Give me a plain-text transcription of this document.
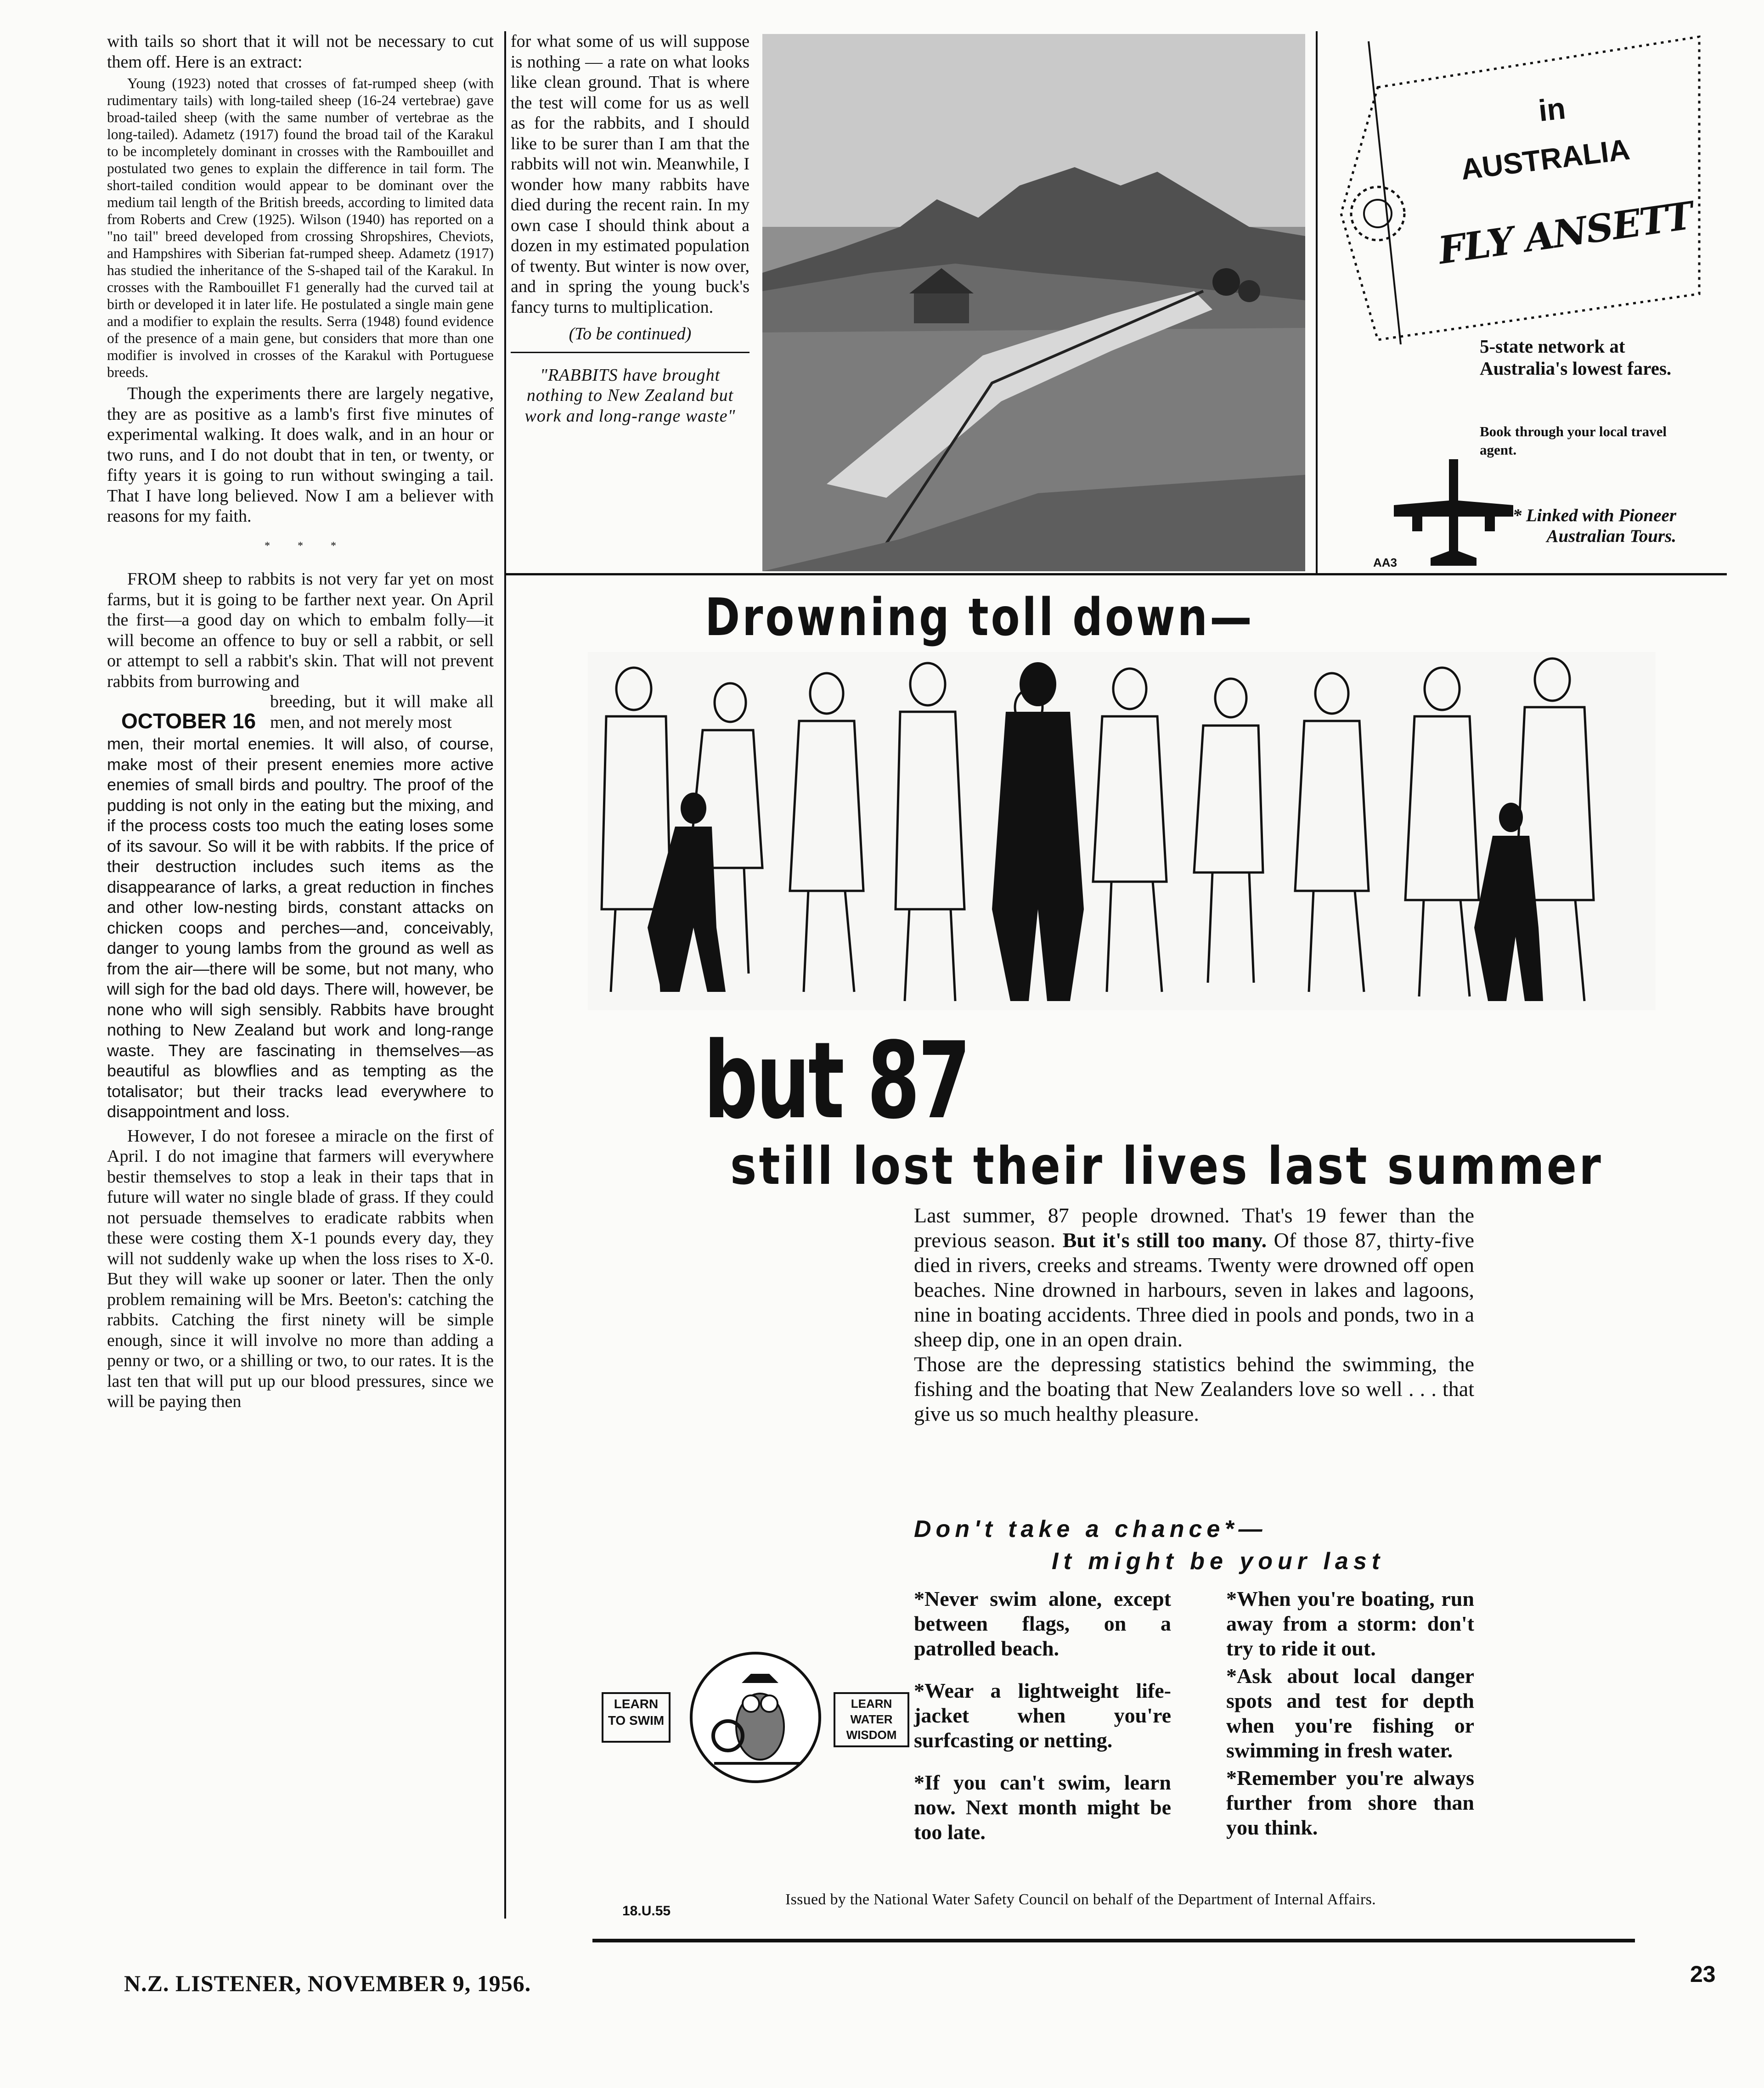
with tails so short that it will not be necessary to cut them off. Here is an extract:

Young (1923) noted that crosses of fat-rumped sheep (with rudimentary tails) with long-tailed sheep (16-24 vertebrae) gave broad-tailed sheep (with the same number of vertebrae as the long-tailed). Adametz (1917) found the broad tail of the Karakul to be incompletely dominant in crosses with the Rambouillet and postulated two genes to explain the difference in tail form. The short-tailed condition would appear to be dominant over the medium tail length of the British breeds, according to limited data from Roberts and Crew (1925). Wilson (1940) has reported on a "no tail" breed developed from crossing Shropshires, Cheviots, and Hampshires with Siberian fat-rumped sheep. Adametz (1917) has studied the inheritance of the S-shaped tail of the Karakul. In crosses with the Rambouillet F1 generally had the curved tail at birth or developed it in later life. He postulated a single main gene and a modifier to explain the results. Serra (1948) found evidence of the presence of a main gene, but considers that more than one modifier is involved in crosses of the Karakul with Portuguese breeds.

Though the experiments there are largely negative, they are as positive as a lamb's first five minutes of experimental walking. It does walk, and in an hour or two runs, and I do not doubt that in ten, or twenty, or fifty years it is going to run without swinging a tail. That I have long believed. Now I am a believer with reasons for my faith.

*          *          *

FROM sheep to rabbits is not very far yet on most farms, but it is going to be farther next year. On April the first—a good day on which to embalm folly—it will become an offence to buy or sell a rabbit, or sell or attempt to sell a rabbit's skin. That will not prevent rabbits from burrowing and

OCTOBER 16

breeding, but it will make all men, and not merely most

men, their mortal enemies. It will also, of course, make most of their present enemies more active enemies of small birds and poultry. The proof of the pudding is not only in the eating but the mixing, and if the process costs too much the eating loses some of its savour. So will it be with rabbits. If the price of their destruction includes such items as the disappearance of larks, a great reduction in finches and other low-nesting birds, constant attacks on chicken coops and perches—and, conceivably, danger to young lambs from the ground as well as from the air—there will be some, but not many, who will sigh for the bad old days. There will, however, be none who will sigh sensibly. Rabbits have brought nothing to New Zealand but work and long-range waste. They are fascinating in themselves—as beautiful as blowflies and as tempting as the totalisator; but their tracks lead everywhere to disappointment and loss.

However, I do not foresee a miracle on the first of April. I do not imagine that farmers will everywhere bestir themselves to stop a leak in their taps that in future will water no single blade of grass. If they could not persuade themselves to eradicate rabbits when these were costing them X-1 pounds every day, they will not suddenly wake up when the loss rises to X-0. But they will wake up sooner or later. Then the only problem remaining will be Mrs. Beeton's: catching the rabbits. Catching the first ninety will be simple enough, since it will involve no more than adding a penny or two, or a shilling or two, to our rates. It is the last ten that will put up our blood pressures, since we will be paying then

for what some of us will suppose is nothing — a rate on what looks like clean ground. That is where the test will come for us as well as for the rabbits, and I should like to be surer than I am that the rabbits will not win. Meanwhile, I wonder how many rabbits have died during the recent rain. In my own case I should think about a dozen in my estimated population of twenty. But winter is now over, and in spring the young buck's fancy turns to multiplication.

(To be continued)

"RABBITS have brought nothing to New Zealand but work and long-range waste"

in
AUSTRALIA
FLY ANSETT
5-state network at Australia's lowest fares.
Book through your local travel agent.
* Linked with Pioneer Australian Tours.
AA3
Drowning toll down—
but 87
still lost their lives last summer
Last summer, 87 people drowned. That's 19 fewer than the previous season. But it's still too many. Of those 87, thirty-five died in rivers, creeks and streams. Twenty were drowned off open beaches. Nine drowned in harbours, seven in lakes and lagoons, nine in boating accidents. Three died in pools and ponds, two in a sheep dip, one in an open drain.
Those are the depressing statistics behind the swimming, the fishing and the boating that New Zealanders love so well . . . that give us so much healthy pleasure.
Don't take a chance*—
It might be your last
*Never swim alone, except between flags, on a patrolled beach.
*Wear a lightweight life-jacket when you're surfcasting or netting.
*If you can't swim, learn now. Next month might be too late.
*When you're boating, run away from a storm: don't try to ride it out.
*Ask about local danger spots and test for depth when you're fishing or swimming in fresh water.
*Remember you're always further from shore than you think.
LEARN TO SWIM
LEARN WATER WISDOM
18.U.55
Issued by the National Water Safety Council on behalf of the Department of Internal Affairs.
N.Z. LISTENER, NOVEMBER 9, 1956.	23
